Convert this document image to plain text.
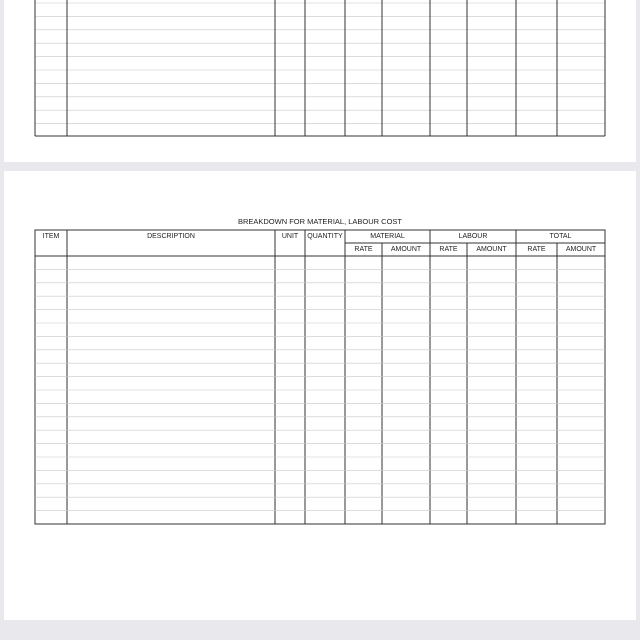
BREAKDOWN FOR MATERIAL, LABOUR COST
ITEM	DESCRIPTION	UNIT	QUANTITY	MATERIAL	LABOUR	TOTAL
RATE	AMOUNT	RATE	AMOUNT	RATE	AMOUNT
